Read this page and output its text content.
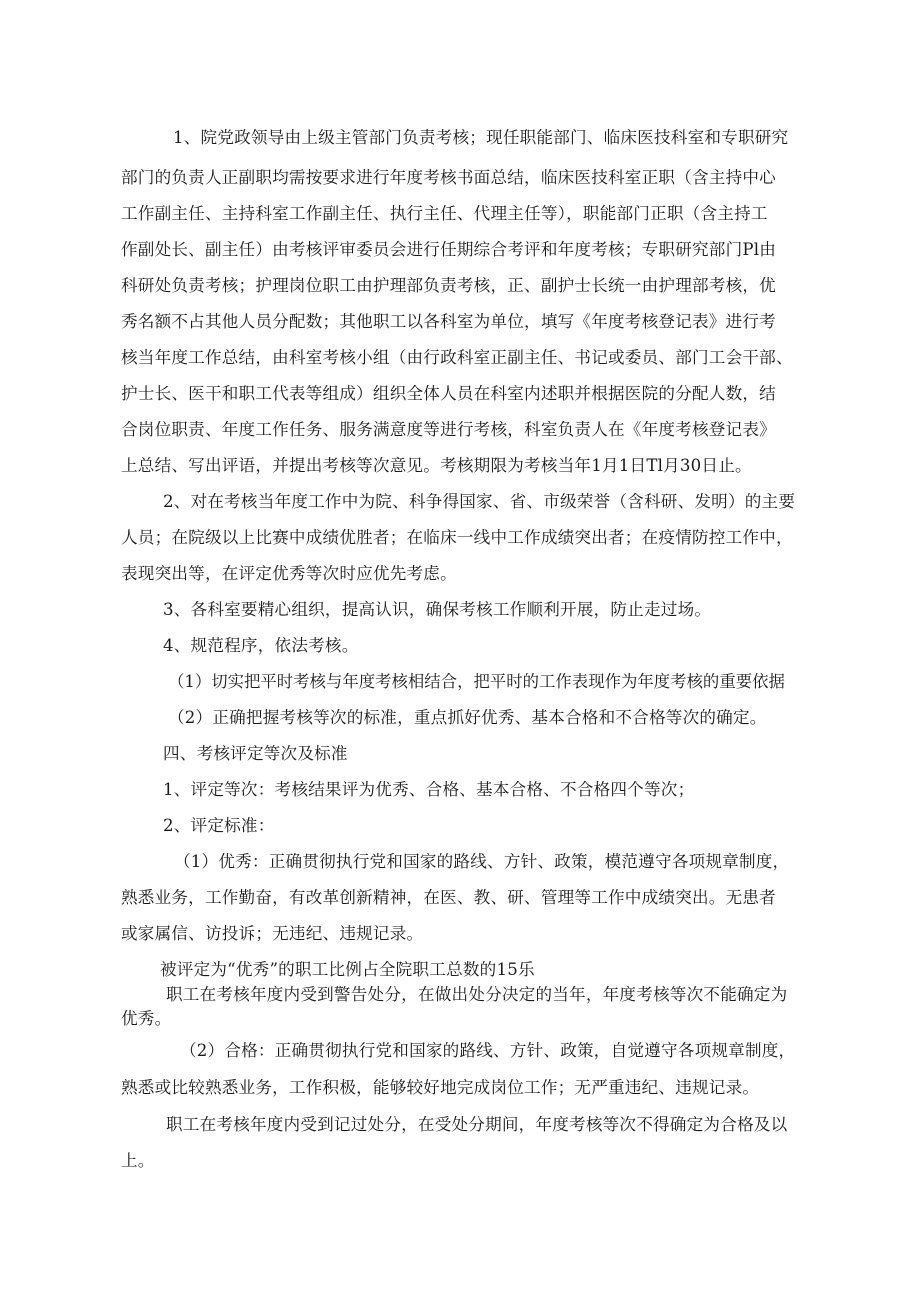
1、院党政领导由上级主管部门负责考核；现任职能部门、临床医技科室和专职研究
部门的负责人正副职均需按要求进行年度考核书面总结，临床医技科室正职（含主持中心
工作副主任、主持科室工作副主任、执行主任、代理主任等），职能部门正职（含主持工
作副处长、副主任）由考核评审委员会进行任期综合考评和年度考核；专职研究部门Pl由
科研处负责考核；护理岗位职工由护理部负责考核，正、副护士长统一由护理部考核，优
秀名额不占其他人员分配数；其他职工以各科室为单位，填写《年度考核登记表》进行考
核当年度工作总结，由科室考核小组（由行政科室正副主任、书记或委员、部门工会干部、
护士长、医干和职工代表等组成）组织全体人员在科室内述职并根据医院的分配人数，结
合岗位职责、年度工作任务、服务满意度等进行考核，科室负责人在《年度考核登记表》
上总结、写出评语，并提出考核等次意见。考核期限为考核当年1月1日Tl月30日止。
2、对在考核当年度工作中为院、科争得国家、省、市级荣誉（含科研、发明）的主要
人员；在院级以上比赛中成绩优胜者；在临床一线中工作成绩突出者；在疫情防控工作中，
表现突出等，在评定优秀等次时应优先考虑。
3、各科室要精心组织，提高认识，确保考核工作顺利开展，防止走过场。
4、规范程序，依法考核。
（1）切实把平时考核与年度考核相结合，把平时的工作表现作为年度考核的重要依据
（2）正确把握考核等次的标准，重点抓好优秀、基本合格和不合格等次的确定。
四、考核评定等次及标准
1、评定等次：考核结果评为优秀、合格、基本合格、不合格四个等次；
2、评定标准：
（1）优秀：正确贯彻执行党和国家的路线、方针、政策，模范遵守各项规章制度，
熟悉业务，工作勤奋，有改革创新精神，在医、教、研、管理等工作中成绩突出。无患者
或家属信、访投诉；无违纪、违规记录。
被评定为“优秀”的职工比例占全院职工总数的15乐
职工在考核年度内受到警告处分，在做出处分决定的当年，年度考核等次不能确定为
优秀。
（2）合格：正确贯彻执行党和国家的路线、方针、政策，自觉遵守各项规章制度，
熟悉或比较熟悉业务，工作积极，能够较好地完成岗位工作；无严重违纪、违规记录。
职工在考核年度内受到记过处分，在受处分期间，年度考核等次不得确定为合格及以
上。
